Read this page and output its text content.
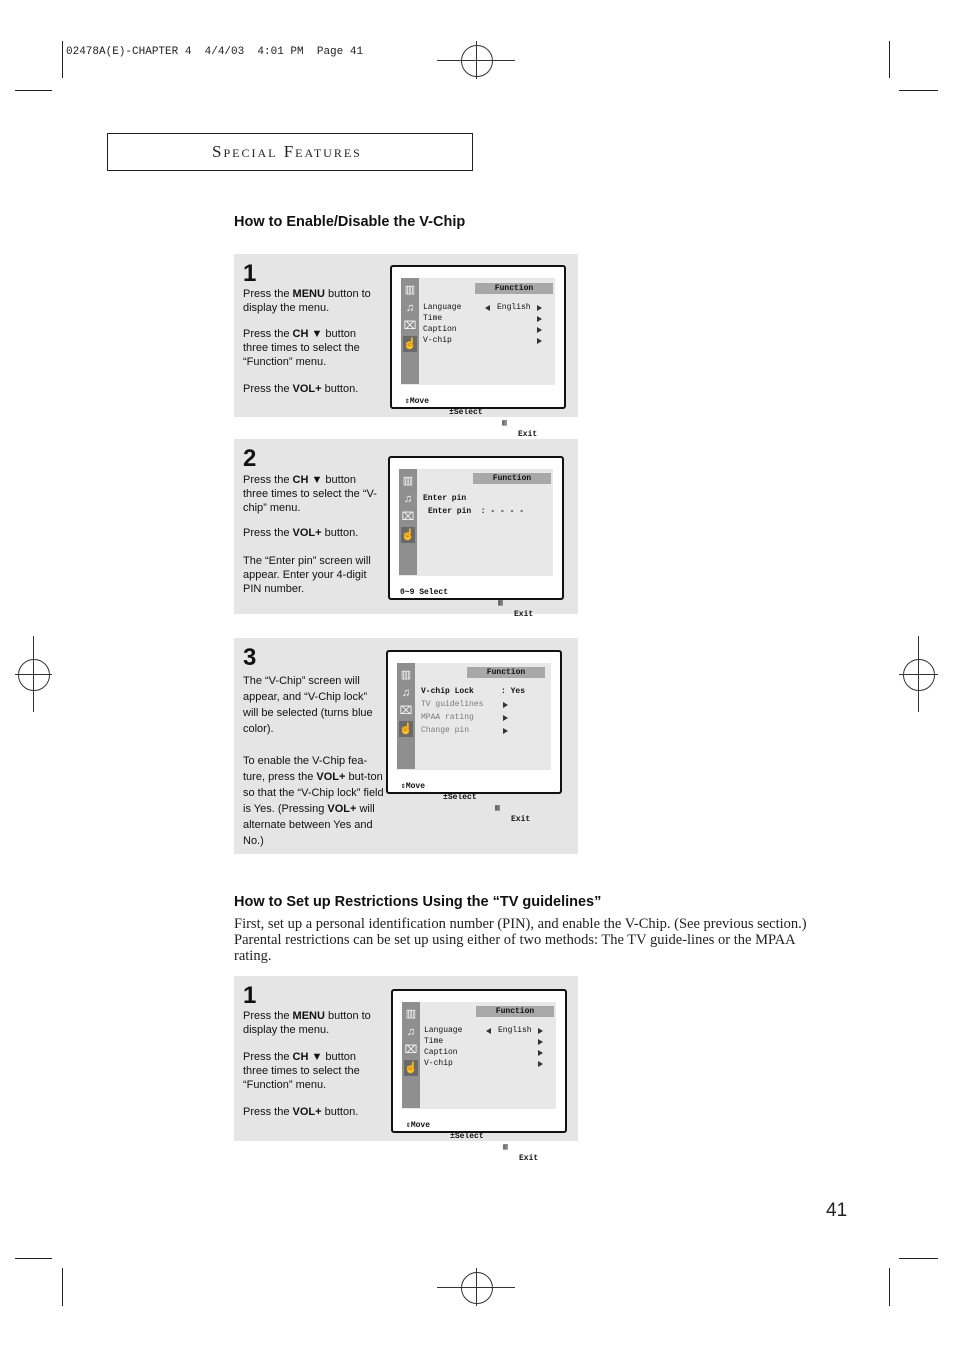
02478A(E)-CHAPTER 4  4/4/03  4:01 PM  Page 41
Special Features
How to Enable/Disable the V-Chip
1
Press the MENU button to display the menu.
Press the CH ▼ button three times to select the “Function” menu.
Press the VOL+ button.
▥
♫
⌧
☝
Function
Language	English
Time
Caption
V-chip

⇕Move

±Select

▥

Exit

2
Press the CH ▼ button three times to select the “V-chip” menu.
Press the VOL+ button.
The “Enter pin” screen will appear. Enter your 4-digit PIN number.
▥
♫
⌧
☝
Function
Enter pin
Enter pin  : - - - -

0~9 Select

▥

Exit

3
The “V-Chip” screen will appear, and “V-Chip lock” will be selected (turns blue color).
To enable the V-Chip fea-ture, press the VOL+ but-ton so that the “V-Chip lock” field is Yes. (Pressing VOL+ will alternate between Yes and No.)
▥
♫
⌧
☝
Function
V-chip Lock	: Yes
TV guidelines
MPAA rating
Change pin

⇕Move

±Select

▥

Exit

How to Set up Restrictions Using the “TV guidelines”
First, set up a personal identification number (PIN), and enable the V-Chip. (See previous section.) Parental restrictions can be set up using either of two methods: The TV guide-lines or the MPAA rating.
1
Press the MENU button to display the menu.
Press the CH ▼ button three times to select the “Function” menu.
Press the VOL+ button.
▥
♫
⌧
☝
Function
Language	English
Time
Caption
V-chip

⇕Move

±Select

▥

Exit

41
